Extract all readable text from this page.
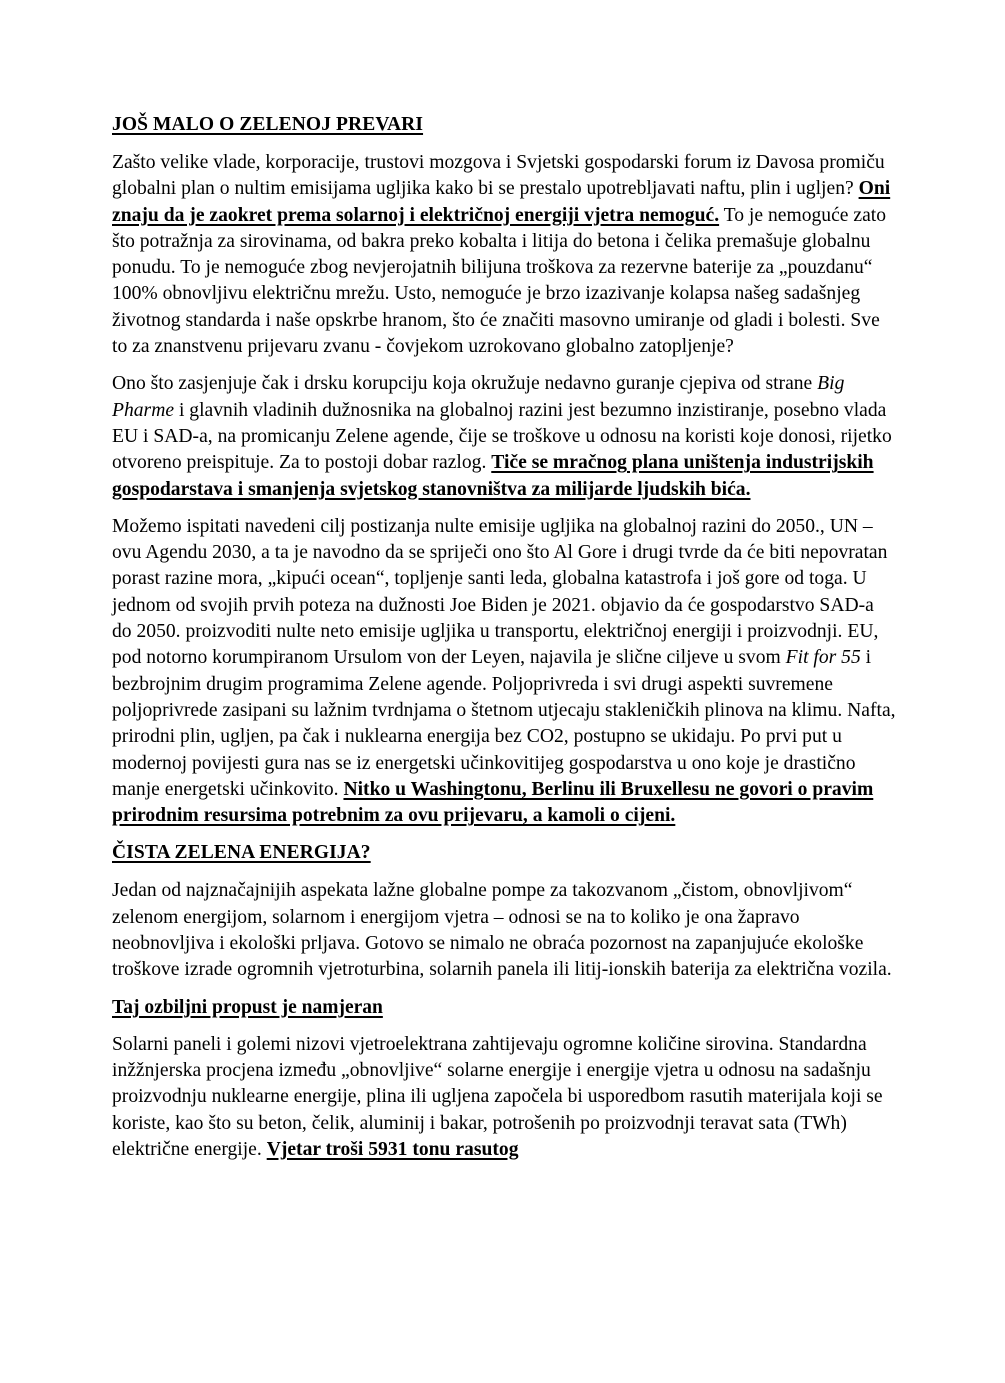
JOŠ MALO O ZELENOJ PREVARI

Zašto velike vlade, korporacije, trustovi mozgova i Svjetski gospodarski forum iz Davosa promiču globalni plan o nultim emisijama ugljika kako bi se prestalo upotrebljavati naftu, plin i ugljen? Oni znaju da je zaokret prema solarnoj i električnoj energiji vjetra nemoguć. To je nemoguće zato što potražnja za sirovinama, od bakra preko kobalta i litija do betona i čelika premašuje globalnu ponudu. To je nemoguće zbog nevjerojatnih bilijuna troškova za rezervne baterije za „pouzdanu“ 100% obnovljivu električnu mrežu. Usto, nemoguće je brzo izazivanje kolapsa našeg sadašnjeg životnog standarda i naše opskrbe hranom, što će značiti masovno umiranje od gladi i bolesti. Sve to za znanstvenu prijevaru zvanu - čovjekom uzrokovano globalno zatopljenje?

Ono što zasjenjuje čak i drsku korupciju koja okružuje nedavno guranje cjepiva od strane Big Pharme i glavnih vladinih dužnosnika na globalnoj razini jest bezumno inzistiranje, posebno vlada EU i SAD-a, na promicanju Zelene agende, čije se troškove u odnosu na koristi koje donosi, rijetko otvoreno preispituje. Za to postoji dobar razlog. Tiče se mračnog plana uništenja industrijskih gospodarstava i smanjenja svjetskog stanovništva za milijarde ljudskih bića.

Možemo ispitati navedeni cilj postizanja nulte emisije ugljika na globalnoj razini do 2050., UN –ovu Agendu 2030, a ta je navodno da se spriječi ono što Al Gore i drugi tvrde da će biti nepovratan porast razine mora, „kipući ocean“, topljenje santi leda, globalna katastrofa i još gore od toga. U jednom od svojih prvih poteza na dužnosti Joe Biden je 2021. objavio da će gospodarstvo SAD-a do 2050. proizvoditi nulte neto emisije ugljika u transportu, električnoj energiji i proizvodnji. EU, pod notorno korumpiranom Ursulom von der Leyen, najavila je slične ciljeve u svom Fit for 55 i bezbrojnim drugim programima Zelene agende. Poljoprivreda i svi drugi aspekti suvremene poljoprivrede zasipani su lažnim tvrdnjama o štetnom utjecaju stakleničkih plinova na klimu. Nafta, prirodni plin, ugljen, pa čak i nuklearna energija bez CO2, postupno se ukidaju. Po prvi put u modernoj povijesti gura nas se iz energetski učinkovitijeg gospodarstva u ono koje je drastično manje energetski učinkovito. Nitko u Washingtonu, Berlinu ili Bruxellesu ne govori o pravim prirodnim resursima potrebnim za ovu prijevaru, a kamoli o cijeni.

ČISTA ZELENA ENERGIJA?

Jedan od najznačajnijih aspekata lažne globalne pompe za takozvanom „čistom, obnovljivom“ zelenom energijom, solarnom i energijom vjetra – odnosi se na to koliko je ona žapravo neobnovljiva i ekološki prljava. Gotovo se nimalo ne obraća pozornost na zapanjujuće ekološke troškove izrade ogromnih vjetroturbina, solarnih panela ili litij-ionskih baterija za električna vozila.

Taj ozbiljni propust je namjeran

Solarni paneli i golemi nizovi vjetroelektrana zahtijevaju ogromne količine sirovina. Standardna inžžnjerska procjena između „obnovljive“ solarne energije i energije vjetra u odnosu na sadašnju proizvodnju nuklearne energije, plina ili ugljena započela bi usporedbom rasutih materijala koji se koriste, kao što su beton, čelik, aluminij i bakar, potrošenih po proizvodnji teravat sata (TWh) električne energije. Vjetar troši 5931 tonu rasutog
